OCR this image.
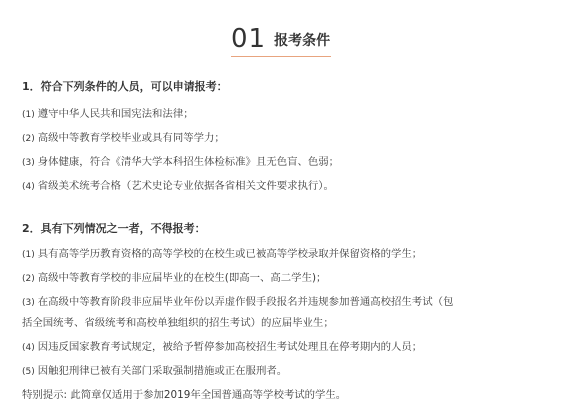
01 报考条件
1．符合下列条件的人员，可以申请报考：
(1) 遵守中华人民共和国宪法和法律；
(2) 高级中等教育学校毕业或具有同等学力；
(3) 身体健康，符合《清华大学本科招生体检标准》且无色盲、色弱；
(4) 省级美术统考合格（艺术史论专业依据各省相关文件要求执行）。
2．具有下列情况之一者，不得报考：
(1) 具有高等学历教育资格的高等学校的在校生或已被高等学校录取并保留资格的学生；
(2) 高级中等教育学校的非应届毕业的在校生(即高一、高二学生)；
(3) 在高级中等教育阶段非应届毕业年份以弄虚作假手段报名并违规参加普通高校招生考试（包
括全国统考、省级统考和高校单独组织的招生考试）的应届毕业生；
(4) 因违反国家教育考试规定，被给予暂停参加高校招生考试处理且在停考期内的人员；
(5) 因触犯刑律已被有关部门采取强制措施或正在服刑者。
特别提示: 此简章仅适用于参加2019年全国普通高等学校考试的学生。
